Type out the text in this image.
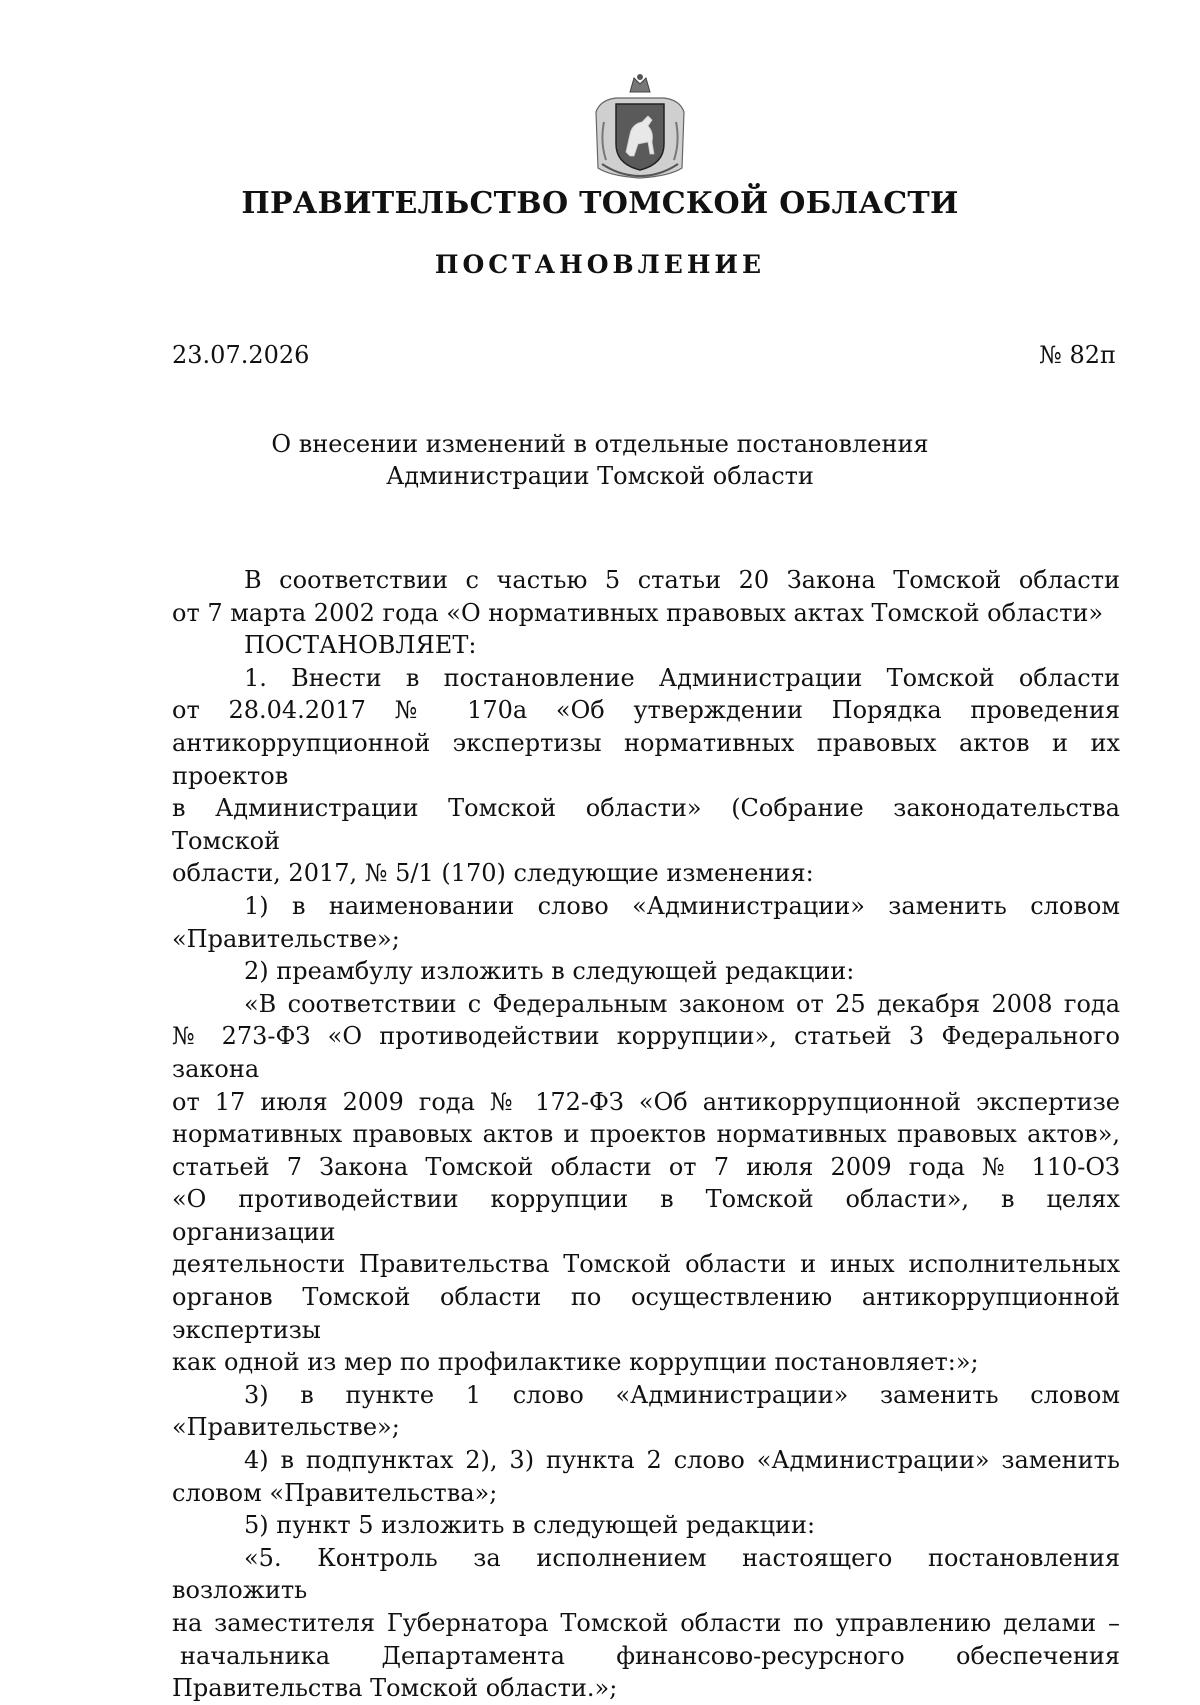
ПРАВИТЕЛЬСТВО ТОМСКОЙ ОБЛАСТИ
ПОСТАНОВЛЕНИЕ
23.07.2026	№ 82п
О внесении изменений в отдельные постановления
Администрации Томской области
В соответствии с частью 5 статьи 20 Закона Томской области
от 7 марта 2002 года «О нормативных правовых актах Томской области»
ПОСТАНОВЛЯЕТ:
1. Внести в постановление Администрации Томской области
от 28.04.2017 № 170а «Об утверждении Порядка проведения
антикоррупционной экспертизы нормативных правовых актов и их проектов
в Администрации Томской области» (Собрание законодательства Томской
области, 2017, № 5/1 (170) следующие изменения:
1) в наименовании слово «Администрации» заменить словом
«Правительстве»;
2) преамбулу изложить в следующей редакции:
«В соответствии с Федеральным законом от 25 декабря 2008 года
№ 273-ФЗ «О противодействии коррупции», статьей 3 Федерального закона
от 17 июля 2009 года № 172-ФЗ «Об антикоррупционной экспертизе
нормативных правовых актов и проектов нормативных правовых актов»,
статьей 7 Закона Томской области от 7 июля 2009 года № 110-ОЗ
«О противодействии коррупции в Томской области», в целях организации
деятельности Правительства Томской области и иных исполнительных
органов Томской области по осуществлению антикоррупционной экспертизы
как одной из мер по профилактике коррупции постановляет:»;
3) в пункте 1 слово «Администрации» заменить словом
«Правительстве»;
4) в подпунктах 2), 3) пункта 2 слово «Администрации» заменить
словом «Правительства»;
5) пункт 5 изложить в следующей редакции:
«5. Контроль за исполнением настоящего постановления возложить
на заместителя Губернатора Томской области по управлению делами –
начальника Департамента финансово-ресурсного обеспечения
Правительства Томской области.»;
